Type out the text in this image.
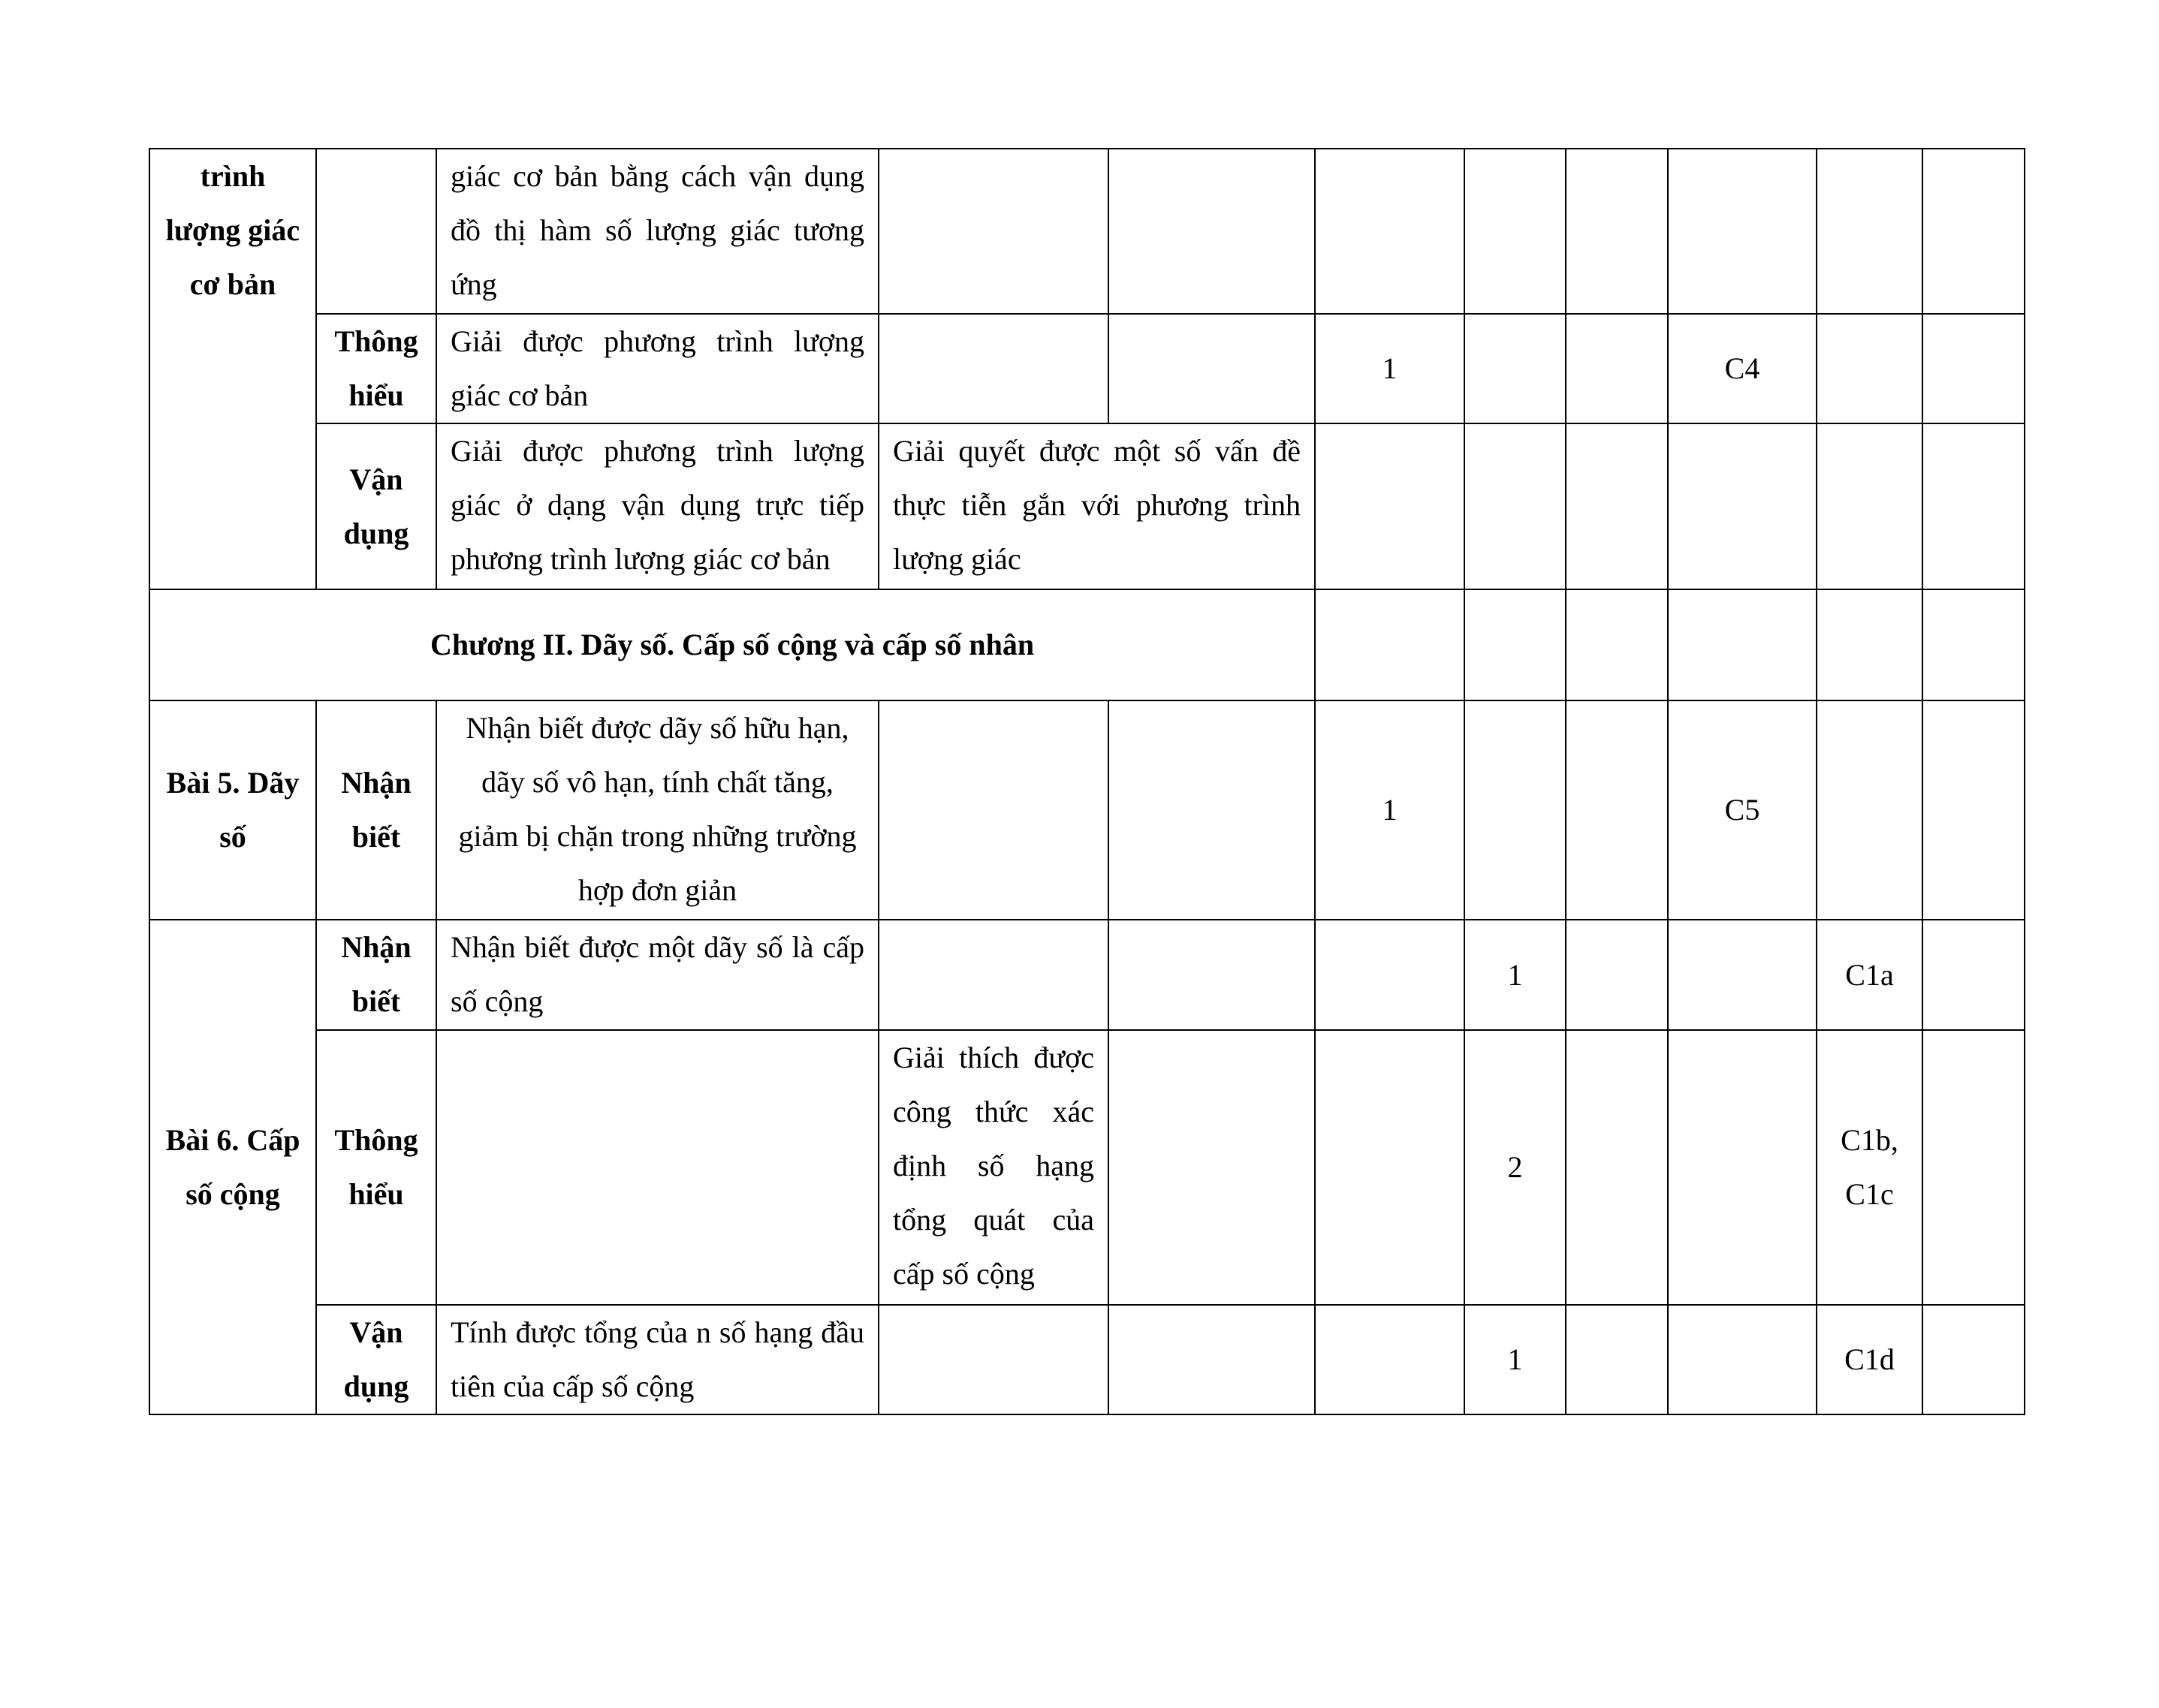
trình lượng giác cơ bản		giác cơ bản bằng cách vận dụng đồ thị hàm số lượng giác tương ứng								
	Thông hiểu	Giải được phương trình lượng giác cơ bản			1			C4		
	Vận dụng	Giải được phương trình lượng giác ở dạng vận dụng trực tiếp phương trình lượng giác cơ bản	Giải quyết được một số vấn đề thực tiễn gắn với phương trình lượng giác							
Chương II. Dãy số. Cấp số cộng và cấp số nhân										
Bài 5. Dãy số	Nhận biết	Nhận biết được dãy số hữu hạn, dãy số vô hạn, tính chất tăng, giảm bị chặn trong những trường hợp đơn giản			1			C5		
Bài 6. Cấp số cộng	Nhận biết	Nhận biết được một dãy số là cấp số cộng				1			C1a	
	Thông hiểu		Giải thích được công thức xác định số hạng tổng quát của cấp số cộng			2			C1b, C1c	
	Vận dụng	Tính được tổng của n số hạng đầu tiên của cấp số cộng				1			C1d	
